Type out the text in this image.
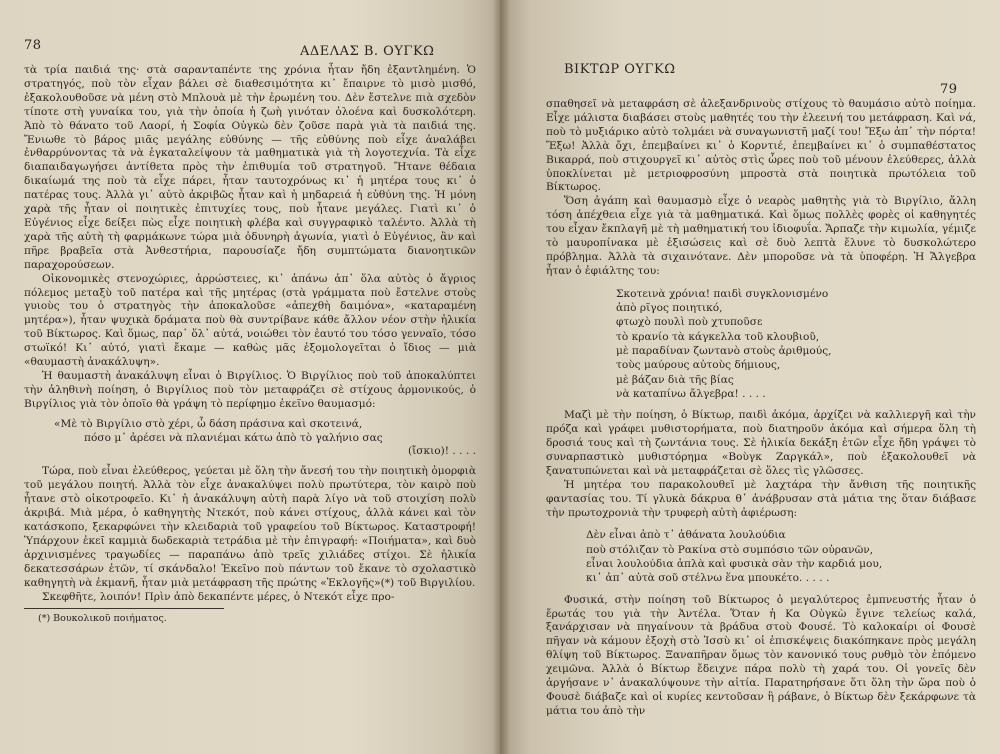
78	ΑΔΕΛΑΣ Β. ΟΥΓΚΩ

τὰ τρία παιδιά της· στὰ σαρανταπέντε της χρόνια ἦταν ἤδη ἐξαντλημένη. Ὁ στρατηγός, ποὺ τὸν εἶχαν βάλει σὲ διαθεσιμότητα κι᾿ ἔπαιρνε τὸ μισὸ μισθό, ἐξακολουθοῦσε νὰ μένη στὸ Μπλουὰ μὲ τὴν ἐρωμένη του. Δὲν ἔστελνε πιὰ σχεδὸν τίποτε στὴ γυναίκα του, γιὰ τὴν ὁποία ἡ ζωὴ γινόταν ὁλοένα καὶ δυσκολότερη. Ἀπὸ τὸ θάνατο τοῦ Λαορί, ἡ Σοφία Οὐγκὼ δὲν ζοῦσε παρὰ γιὰ τὰ παιδιά της. Ἔνιωθε τὸ βάρος μιᾶς μεγάλης εὐθύνης — τῆς εὐθύνης ποὺ εἶχε ἀναλάβει ἐνθαρρύνοντας τὰ νὰ ἐγκαταλείψουν τὰ μαθηματικὰ γιὰ τὴ λογοτεχνία. Τὰ εἶχε διαπαιδαγωγήσει ἀντίθετα πρὸς τὴν ἐπιθυμία τοῦ στρατηγοῦ. Ἤτανε θέδαια δικαίωμά της ποὺ τὰ εἶχε πάρει, ἦταν ταυτοχρόνως κι᾿ ἡ μητέρα τους κι᾿ ὁ πατέρας τους. Ἀλλὰ γι᾿ αὐτὸ ἀκριβῶς ἦταν καὶ ἡ μηδαρειά ἡ εὐθύνη της. Ἡ μόνη χαρὰ τῆς ἦταν οἱ ποιητικὲς ἐπιτυχίες τους, ποὺ ἦτανε μεγάλες. Γιατὶ κι᾿ ὁ Εὐγένιος εἶχε δείξει πὼς εἶχε ποιητικὴ φλέβα καὶ συγγραφικὸ ταλέντο. Ἀλλὰ τὴ χαρὰ τῆς αὐτὴ τὴ φαρμάκωνε τώρα μιὰ ὀδυνηρὴ ἀγωνία, γιατὶ ὁ Εὐγένιος, ἂν καὶ πῆρε βραβεῖα στὰ Ἀνθεστήρια, παρουσίαζε ἤδη συμπτώματα διανοητικῶν παραχορούσεων.

Οἰκονομικὲς στενοχώριες, ἀρρώστειες, κι᾿ ἀπάνω ἀπ᾿ ὅλα αὐτὸς ὁ ἄγριος πόλεμος μεταξὺ τοῦ πατέρα καὶ τῆς μητέρας (στὰ γράμματα ποὺ ἔστελνε στοὺς γυιοὺς του ὁ στρατηγὸς τὴν ἀποκαλοῦσε «ἀπεχθὴ δαιμόνα», «καταραμένη μητέρα»), ἦταν ψυχικὰ δράματα ποὺ θὰ συντρίβανε κάθε ἄλλον νέον στὴν ἡλικία τοῦ Βίκτωρος. Καὶ ὅμως, παρ᾿ ὅλ᾿ αὐτά, νοιώθει τὸν ἑαυτό του τόσο γενναῖο, τόσο στωϊκό! Κι᾿ αὐτό, γιατὶ ἔκαμε — καθὼς μᾶς ἐξομολογεῖται ὁ ἴδιος — μιὰ «θαυμαστὴ ἀνακάλυψη».

Ἡ θαυμαστὴ ἀνακάλυψη εἶναι ὁ Βιργίλιος. Ὁ Βιργίλιος ποὺ τοῦ ἀποκαλύπτει τὴν ἀληθινὴ ποίηση, ὁ Βιργίλιος ποὺ τὸν μεταφράζει σὲ στίχους ἁρμονικούς, ὁ Βιργίλιος γιὰ τὸν ὁποῖο θὰ γράψη τὸ περίφημο ἐκεῖνο θαυμασμό:

«Μὲ τὸ Βιργίλιο στὸ χέρι, ὦ δάση πράσινα καὶ σκοτεινά,
πόσο μ᾿ ἀρέσει νὰ πλανιέμαι κάτω ἀπὸ τὸ γαλήνιο σας
(ἴσκιο)! . . . .

Τώρα, ποὺ εἶναι ἐλεύθερος, γεύεται μὲ ὅλη τὴν ἄνεσή του τὴν ποιητικὴ ὀμορφιὰ τοῦ μεγάλου ποιητή. Ἀλλὰ τὸν εἶχε ἀνακαλύψει πολὺ πρωτύτερα, τὸν καιρὸ ποὺ ἦτανε στὸ οἰκοτροφεῖο. Κι᾿ ἡ ἀνακάλυψη αὐτὴ παρὰ λίγο νὰ τοῦ στοιχίση πολὺ ἀκριβά. Μιὰ μέρα, ὁ καθηγητὴς Ντεκότ, ποὺ κάνει στίχους, ἀλλὰ κάνει καὶ τὸν κατάσκοπο, ξεκαρφώνει τὴν κλειδαριὰ τοῦ γραφείου τοῦ Βίκτωρος. Καταστροφή! Ὑπάρχουν ἐκεῖ καμμιὰ δωδεκαριὰ τετράδια μὲ τὴν ἐπιγραφή: «Ποιήματα», καὶ δυὸ ἀρχινισμένες τραγωδίες — παραπάνω ἀπὸ τρεῖς χιλιάδες στίχοι. Σὲ ἡλικία δεκατεσσάρων ἐτῶν, τί σκάνδαλο! Ἐκεῖνο ποὺ πάντων τοῦ ἔκανε τὸ σχολαστικὸ καθηγητὴ νὰ ἐκμανῆ, ἦταν μιὰ μετάφραση τῆς πρώτης «Ἐκλογῆς»(*) τοῦ Βιργιλίου.

Σκεφθῆτε, λοιπόν! Πρὶν ἀπὸ δεκαπέντε μέρες, ὁ Ντεκότ εἶχε προ-

(*) Βουκολικοῦ ποιήματος.
ΒΙΚΤΩΡ ΟΥΓΚΩ
79

σπαθησεῖ νὰ μεταφράση σὲ ἀλεξανδρινοὺς στίχους τὸ θαυμάσιο αὐτὸ ποίημα. Εἶχε μάλιστα διαβάσει στοὺς μαθητές του τὴν ἐλεεινή του μετάφραση. Καὶ νά, ποὺ τὸ μυξιάρικο αὐτὸ τολμάει νὰ συναγωνιστῆ μαζί του! Ἔξω ἀπ᾿ τὴν πόρτα! Ἔξω! Ἀλλὰ ὄχι, ἐπεμβαίνει κι᾿ ὁ Κορντιέ, ἐπεμβαίνει κι᾿ ὁ συμπαθέστατος Βικαρρά, ποὺ στιχουργεῖ κι᾿ αὐτὸς στὶς ὧρες ποὺ τοῦ μένουν ἐλεύθερες, ἀλλὰ ὑποκλίνεται μὲ μετριοφροσύνη μπροστὰ στὰ ποιητικὰ πρωτόλεια τοῦ Βίκτωρος.

Ὅση ἀγάπη καὶ θαυμασμὸ εἶχε ὁ νεαρὸς μαθητὴς γιὰ τὸ Βιργίλιο, ἄλλη τόση ἀπέχθεια εἶχε γιὰ τὰ μαθηματικά. Καὶ ὅμως πολλὲς φορὲς οἱ καθηγητές του εἶχαν ἔκπλαγῆ μὲ τὴ μαθηματική του ἰδιοφυΐα. Ἄρπαζε τὴν κιμωλία, γέμιζε τὸ μαυροπίνακα μὲ ἐξισώσεις καὶ σὲ δυὸ λεπτὰ ἔλυνε τὸ δυσκολώτερο πρόβλημα. Ἀλλὰ τὰ σιχαινότανε. Δὲν μποροῦσε νὰ τὰ ὑποφέρη. Ἡ Ἄλγεβρα ἦταν ὁ ἐφιάλτης του:

Σκοτεινὰ χρόνια! παιδὶ συγκλονισμένο
ἀπὸ ρῖγος ποιητικό,
φτωχὸ πουλὶ ποὺ χτυποῦσε
τὸ κρανίο τὰ κάγκελλα τοῦ κλουβιοῦ,
μὲ παραδίναν ζωντανὸ στοὺς ἀριθμούς,
τοὺς μαύρους αὐτοὺς δήμιους,
μὲ βάζαν διὰ τῆς βίας
νὰ καταπίνω ἄλγεβρα! . . . .

Μαζὶ μὲ τὴν ποίηση, ὁ Βίκτωρ, παιδὶ ἀκόμα, ἀρχίζει νὰ καλλιεργῆ καὶ τὴν πρόζα καὶ γράφει μυθιστορήματα, ποὺ διατηροῦν ἀκόμα καὶ σήμερα ὅλη τὴ δροσιά τους καὶ τὴ ζωντάνια τους. Σὲ ἡλικία δεκάξη ἐτῶν εἶχε ἤδη γράψει τὸ συναρπαστικὸ μυθιστόρημα «Βοὺγκ Ζαργκάλ», ποὺ ἐξακολουθεῖ νὰ ξανατυπώνεται καὶ νὰ μεταφράζεται σὲ ὅλες τὶς γλῶσσες.

Ἡ μητέρα του παρακολουθεῖ μὲ λαχτάρα τὴν ἄνθιση τῆς ποιητικῆς φαντασίας του. Τί γλυκὰ δάκρυα θ᾿ ἀνάβρυσαν στὰ μάτια της ὅταν διάβασε τὴν πρωτοχρονιὰ τὴν τρυφερὴ αὐτὴ ἀφιέρωση:

Δὲν εἶναι ἀπὸ τ᾿ ἀθάνατα λουλούδια
ποὺ στόλιζαν τὸ Ρακίνα στὸ συμπόσιο τῶν οὐρανῶν,
εἶναι λουλούδια ἁπλὰ καὶ φυσικὰ σὰν τὴν καρδιά μου,
κι᾿ ἀπ᾿ αὐτὰ σοῦ στέλνω ἕνα μπουκέτο. . . . .

Φυσικά, στὴν ποίηση τοῦ Βίκτωρος ὁ μεγαλύτερος ἐμπνευστής ἦταν ὁ ἔρωτάς του γιὰ τὴν Ἀντέλα. Ὅταν ἡ Κα Οὐγκὼ ἔγινε τελείως καλά, ξανάρχισαν νὰ πηγαίνουν τὰ βράδυα στοὺ Φουσέ. Τὸ καλοκαίρι οἱ Φουσὲ πῆγαν νὰ κάμουν ἐξοχὴ στὸ Ἰσσὺ κι᾿ οἱ ἐπισκέψεις διακόπηκανε πρὸς μεγάλη θλίψη τοῦ Βίκτωρος. Ξαναπῆραν ὅμως τὸν κανονικό τους ρυθμὸ τὸν ἑπόμενο χειμῶνα. Ἀλλὰ ὁ Βίκτωρ ἔδειχνε πάρα πολὺ τὴ χαρά του. Οἱ γονεῖς δὲν ἀργήσανε ν᾿ ἀνακαλύψουνε τὴν αἰτία. Παρατηρήσανε ὅτι ὅλη τὴν ὥρα ποὺ ὁ Φουσὲ διάβαζε καὶ οἱ κυρίες κεντοῦσαν ἢ ράβανε, ὁ Βίκτωρ δὲν ξεκάρφωνε τὰ μάτια του ἀπὸ τὴν
